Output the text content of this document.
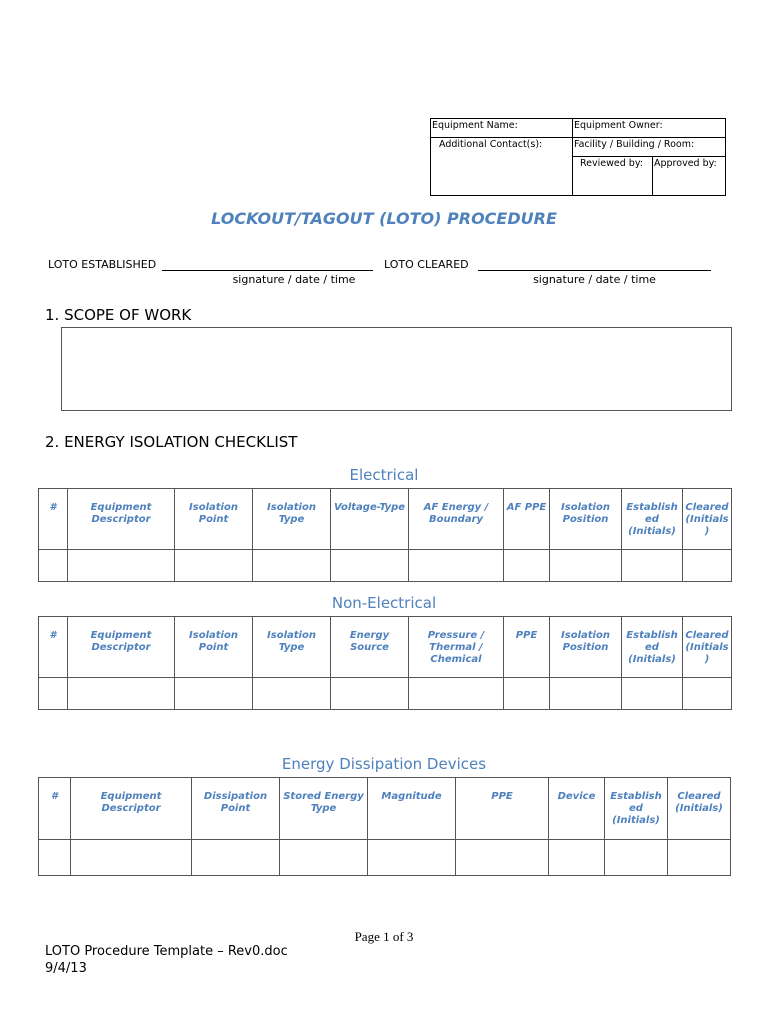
Equipment Name:	Equipment Owner:
Additional Contact(s):	Facility / Building / Room:
Reviewed by:	Approved by:
LOCKOUT/TAGOUT (LOTO) PROCEDURE
LOTO ESTABLISHED
signature / date / time
LOTO CLEARED
signature / date / time
1. SCOPE OF WORK
2. ENERGY ISOLATION CHECKLIST
Electrical
#	Equipment Descriptor	Isolation Point	Isolation Type	Voltage-Type	AF Energy / Boundary	AF PPE	Isolation Position	Established (Initials)	Cleared (Initials)

Non-Electrical
#	Equipment Descriptor	Isolation Point	Isolation Type	Energy Source	Pressure / Thermal / Chemical	PPE	Isolation Position	Established (Initials)	Cleared (Initials)

Energy Dissipation Devices
#	Equipment Descriptor	Dissipation Point	Stored Energy Type	Magnitude	PPE	Device	Established (Initials)	Cleared (Initials)

Page 1 of 3
LOTO Procedure Template – Rev0.doc
9/4/13
